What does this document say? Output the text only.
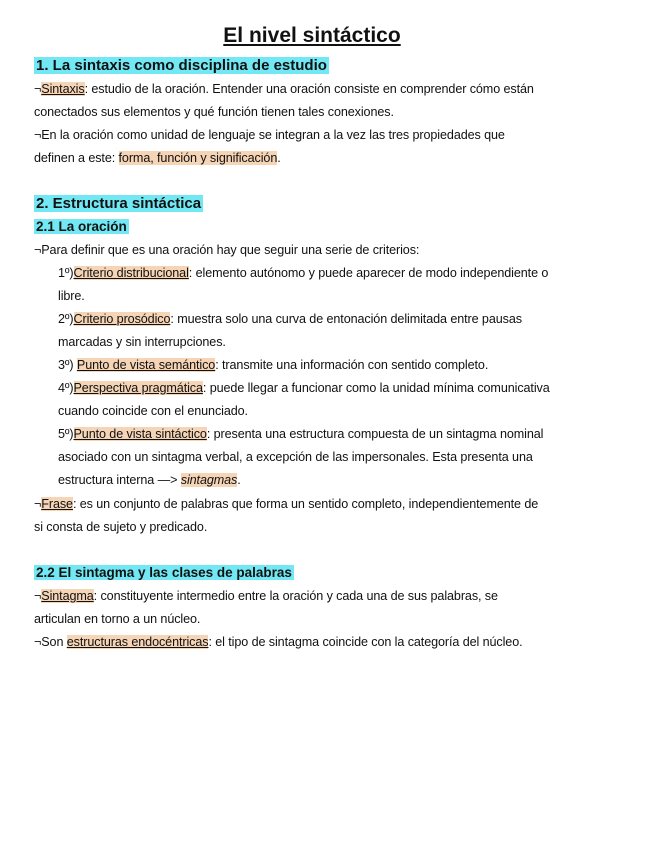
El nivel sintáctico
1. La sintaxis como disciplina de estudio
¬Sintaxis: estudio de la oración. Entender una oración consiste en comprender cómo están
conectados sus elementos y qué función tienen tales conexiones.
¬En la oración como unidad de lenguaje se integran a la vez las tres propiedades que
definen a este: forma, función y significación.
2. Estructura sintáctica
2.1 La oración
¬Para definir que es una oración hay que seguir una serie de criterios:
1º)Criterio distribucional: elemento autónomo y puede aparecer de modo independiente o
libre.
2º)Criterio prosódico: muestra solo una curva de entonación delimitada entre pausas
marcadas y sin interrupciones.
3º) Punto de vista semántico: transmite una información con sentido completo.
4º)Perspectiva pragmática: puede llegar a funcionar como la unidad mínima comunicativa
cuando coincide con el enunciado.
5º)Punto de vista sintáctico: presenta una estructura compuesta de un sintagma nominal
asociado con un sintagma verbal, a excepción de las impersonales. Esta presenta una
estructura interna —> sintagmas.
¬Frase: es un conjunto de palabras que forma un sentido completo, independientemente de
si consta de sujeto y predicado.
2.2 El sintagma y las clases de palabras
¬Sintagma: constituyente intermedio entre la oración y cada una de sus palabras, se
articulan en torno a un núcleo.
¬Son estructuras endocéntricas: el tipo de sintagma coincide con la categoría del núcleo.
